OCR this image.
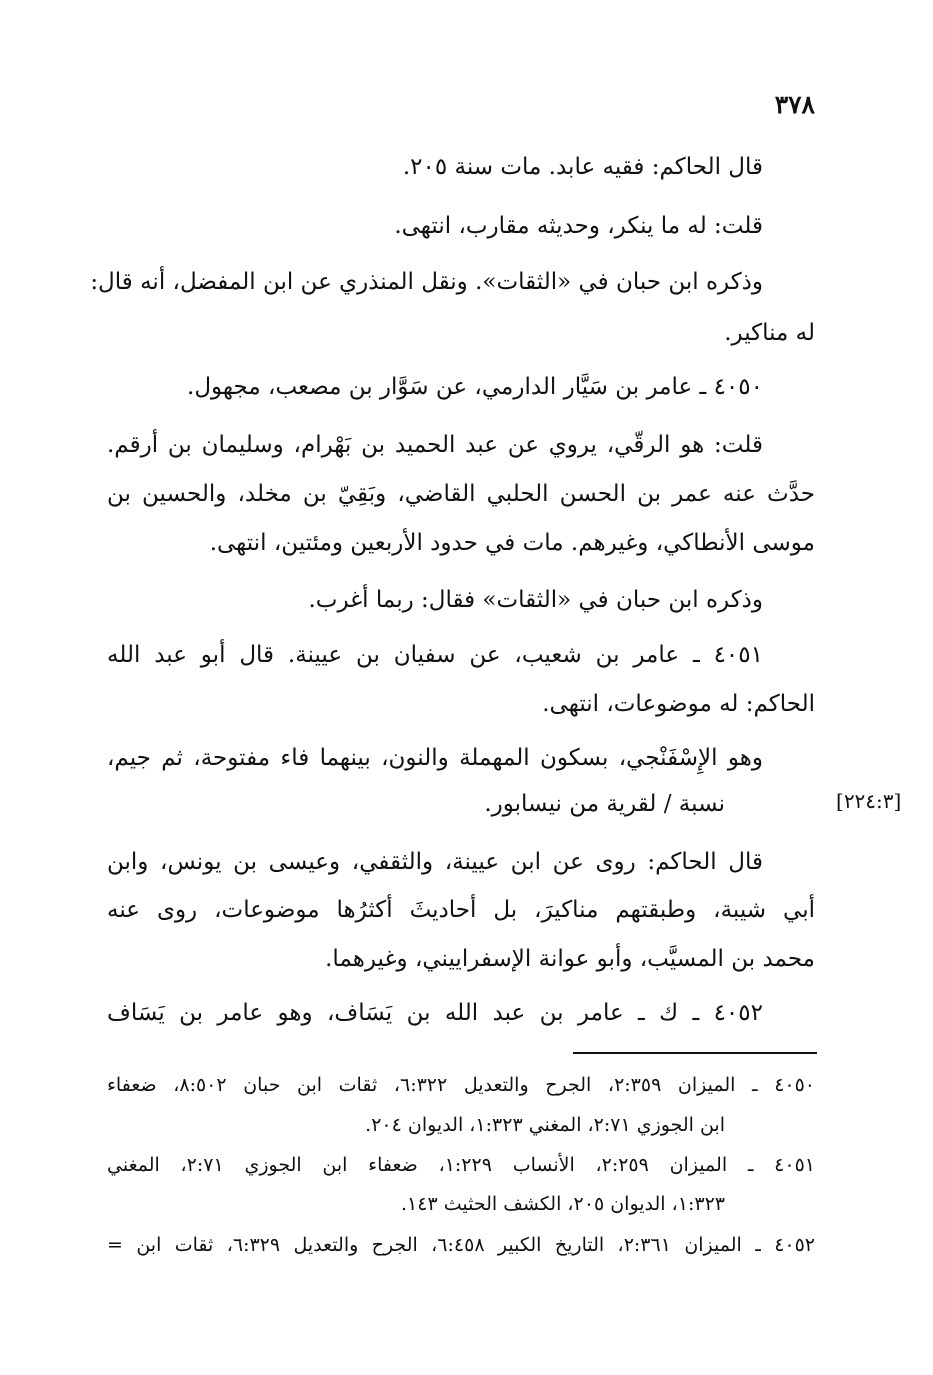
٣٧٨
قال الحاكم: فقيه عابد. مات سنة ٢٠٥.
قلت: له ما ينكر، وحديثه مقارب، انتهى.
وذكره ابن حبان في «الثقات». ونقل المنذري عن ابن المفضل، أنه قال:
له مناكير.
٤٠٥٠ ـ عامر بن سَيَّار الدارمي، عن سَوَّار بن مصعب، مجهول.
قلت: هو الرقّي، يروي عن عبد الحميد بن بَهْرام، وسليمان بن أرقم.
حدَّث عنه عمر بن الحسن الحلبي القاضي، وبَقِيّ بن مخلد، والحسين بن
موسى الأنطاكي، وغيرهم. مات في حدود الأربعين ومئتين، انتهى.
وذكره ابن حبان في «الثقات» فقال: ربما أغرب.
٤٠٥١ ـ عامر بن شعيب، عن سفيان بن عيينة. قال أبو عبد الله
الحاكم: له موضوعات، انتهى.
وهو الإِسْفَنْجي، بسكون المهملة والنون، بينهما فاء مفتوحة، ثم جيم،
نسبة / لقرية من نيسابور.	[٢٢٤:٣]
قال الحاكم: روى عن ابن عيينة، والثقفي، وعيسى بن يونس، وابن
أبي شيبة، وطبقتهم مناكيرَ، بل أحاديثَ أكثرُها موضوعات، روى عنه
محمد بن المسيَّب، وأبو عوانة الإسفراييني، وغيرهما.
٤٠٥٢ ـ ك ـ عامر بن عبد الله بن يَسَاف، وهو عامر بن يَسَاف
٤٠٥٠ ـ الميزان ٢:٣٥٩، الجرح والتعديل ٦:٣٢٢، ثقات ابن حبان ٨:٥٠٢، ضعفاء
ابن الجوزي ٢:٧١، المغني ١:٣٢٣، الديوان ٢٠٤.
٤٠٥١ ـ الميزان ٢:٢٥٩، الأنساب ١:٢٢٩، ضعفاء ابن الجوزي ٢:٧١، المغني
١:٣٢٣، الديوان ٢٠٥، الكشف الحثيث ١٤٣.
٤٠٥٢ ـ الميزان ٢:٣٦١، التاريخ الكبير ٦:٤٥٨، الجرح والتعديل ٦:٣٢٩، ثقات ابن =
